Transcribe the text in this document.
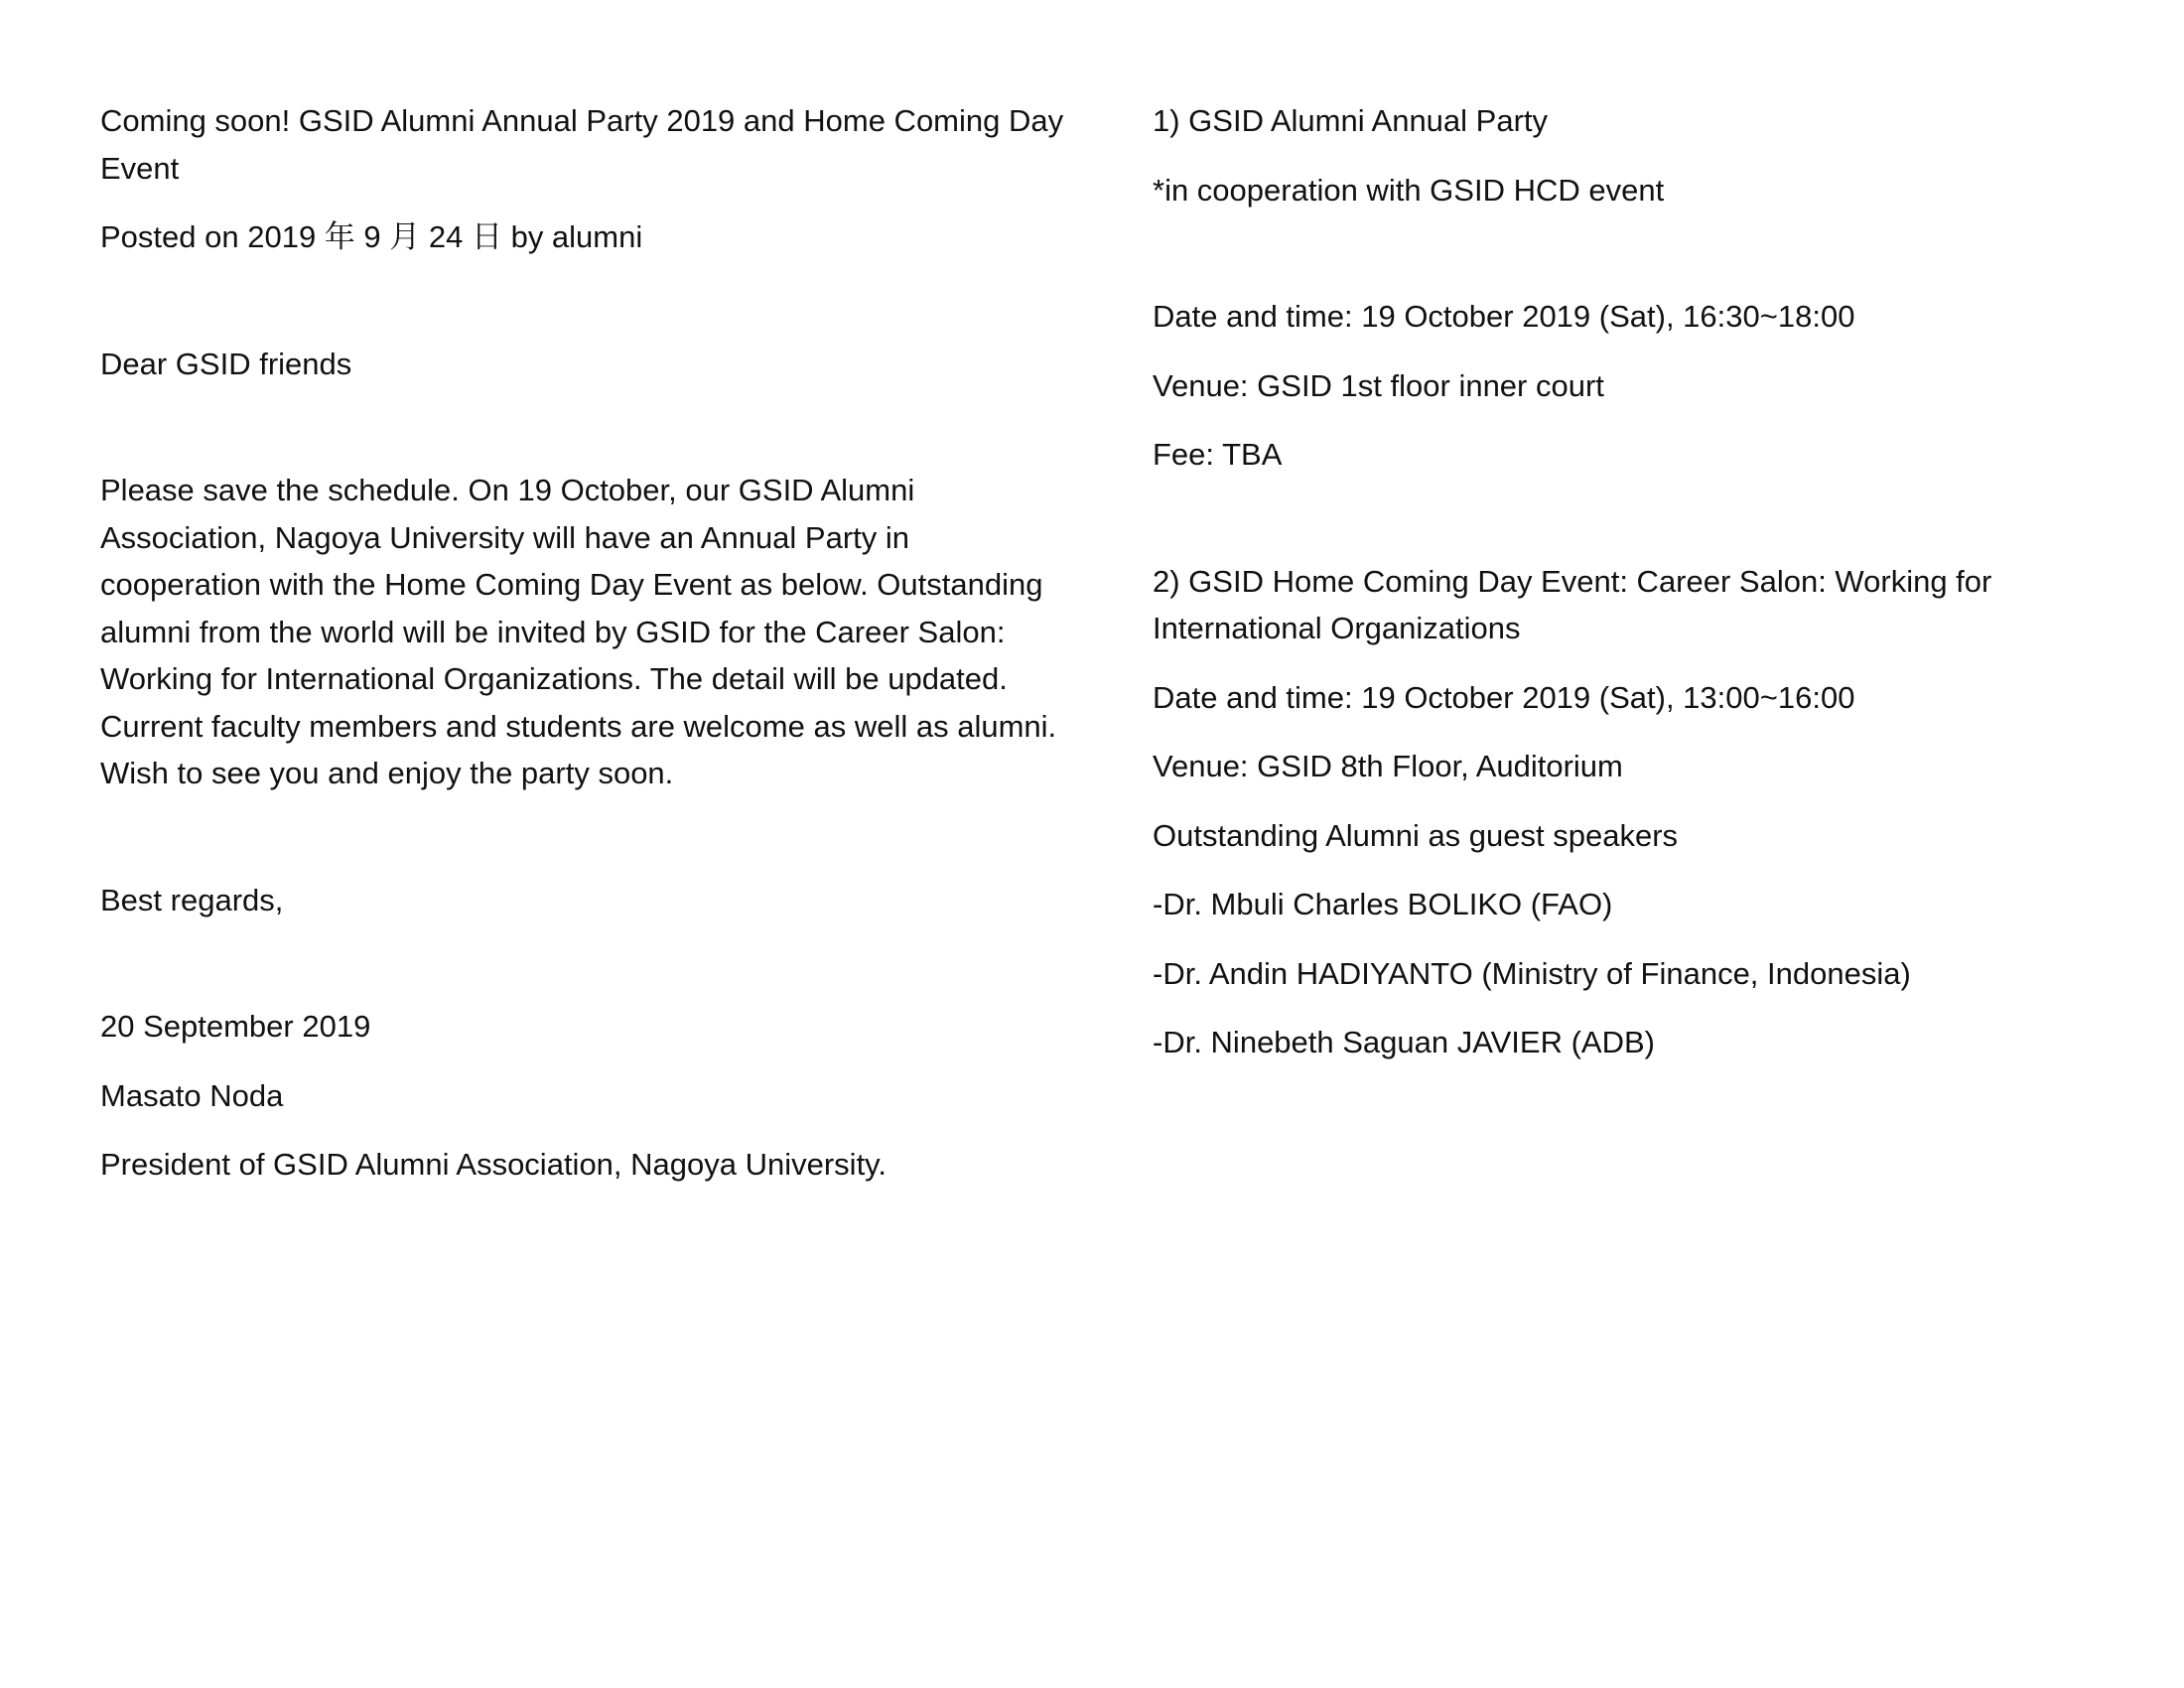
Coming soon! GSID Alumni Annual Party 2019 and Home Coming Day Event

Posted on 2019 年 9 月 24 日 by alumni

Dear GSID friends

Please save the schedule. On 19 October, our GSID Alumni Association, Nagoya University will have an Annual Party in cooperation with the Home Coming Day Event as below. Outstanding alumni from the world will be invited by GSID for the Career Salon: Working for International Organizations. The detail will be updated. Current faculty members and students are welcome as well as alumni. Wish to see you and enjoy the party soon.

Best regards,

20 September 2019

Masato Noda

President of GSID Alumni Association, Nagoya University.

1) GSID Alumni Annual Party

*in cooperation with GSID HCD event

Date and time: 19 October 2019 (Sat), 16:30~18:00

Venue: GSID 1st floor inner court

Fee: TBA

2) GSID Home Coming Day Event: Career Salon: Working for International Organizations

Date and time: 19 October 2019 (Sat), 13:00~16:00

Venue: GSID 8th Floor, Auditorium

Outstanding Alumni as guest speakers

-Dr. Mbuli Charles BOLIKO (FAO)

-Dr. Andin HADIYANTO (Ministry of Finance, Indonesia)

-Dr. Ninebeth Saguan JAVIER (ADB)
